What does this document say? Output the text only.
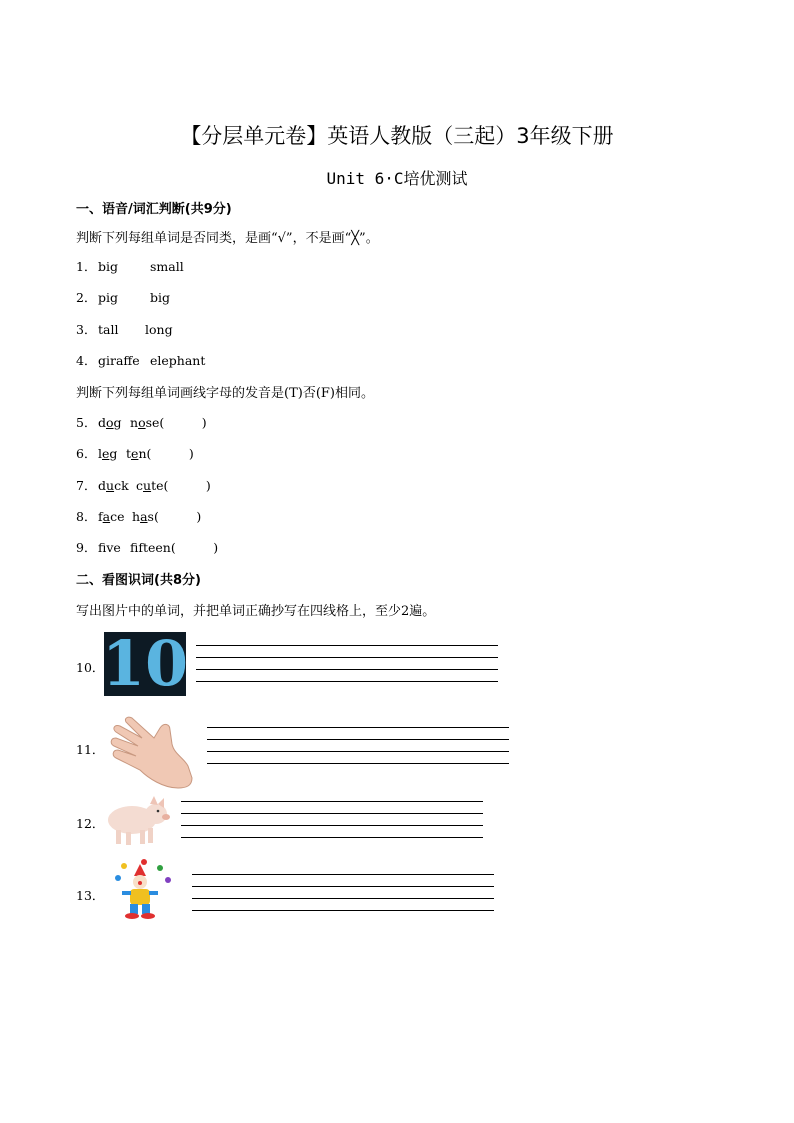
【分层单元卷】英语人教版（三起）3年级下册
Unit 6·C培优测试
一、语音/词汇判断(共9分)
判断下列每组单词是否同类，是画“√”，不是画“╳”。
1． big	small
2． pig	big
3． tall	long
4． giraffe elephant
判断下列每组单词画线字母的发音是(T)否(F)相同。
5． dog nose (　　　)
6． leg ten (　　　)
7． duck cute (　　　)
8． face has (　　　)
9． fve ffteen (　　　)
二、看图识词(共8分)
写出图片中的单词，并把单词正确抄写在四线格上，至少2遍。
10．
10
11．
12．
13．
